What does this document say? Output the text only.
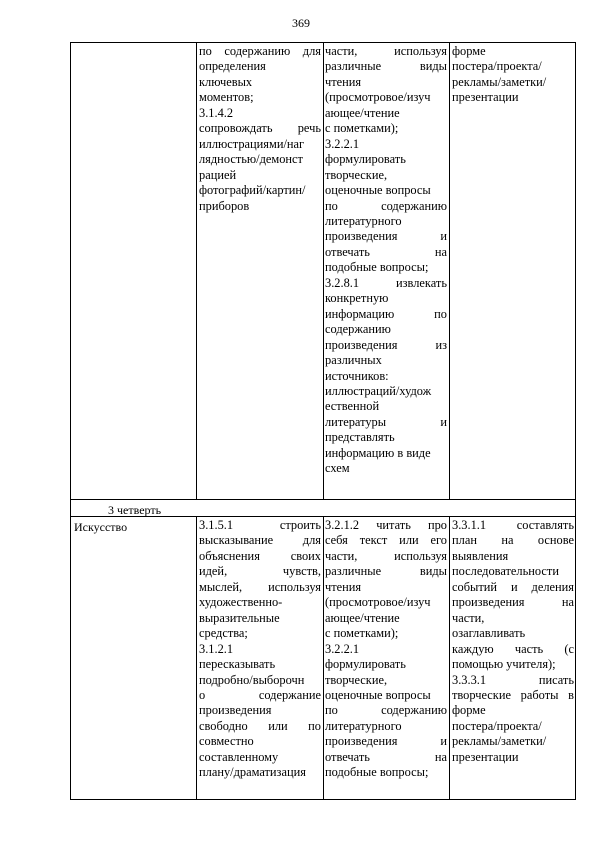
369
по содержанию для
определения
ключевых
моментов;
3.1.4.2
сопровождать речь
иллюстрациями/наг
лядностью/демонст
рацией
фотографий/картин/
приборов
части, используя
различные виды
чтения
(просмотровое/изуч
ающее/чтение
с пометками);
3.2.2.1
формулировать
творческие,
оценочные вопросы
по содержанию
литературного
произведения и
отвечать на
подобные вопросы;
3.2.8.1 извлекать
конкретную
информацию по
содержанию
произведения из
различных
источников:
иллюстраций/худож
ественной
литературы и
представлять
информацию в виде
схем
форме
постера/проекта/
рекламы/заметки/
презентации
3 четверть
Искусство	3.1.5.1 строить
высказывание для
объяснения своих
идей, чувств,
мыслей, используя
художественно-
выразительные
средства;
3.1.2.1
пересказывать
подробно/выборочн
о содержание
произведения
свободно или по
совместно
составленному
плану/драматизация
3.2.1.2 читать про
себя текст или его
части, используя
различные виды
чтения
(просмотровое/изуч
ающее/чтение
с пометками);
3.2.2.1
формулировать
творческие,
оценочные вопросы
по содержанию
литературного
произведения и
отвечать на
подобные вопросы;
3.3.1.1 составлять
план на основе
выявления
последовательности
событий и деления
произведения на
части,
озаглавливать
каждую часть (с
помощью учителя);
3.3.3.1 писать
творческие работы в
форме
постера/проекта/
рекламы/заметки/
презентации
